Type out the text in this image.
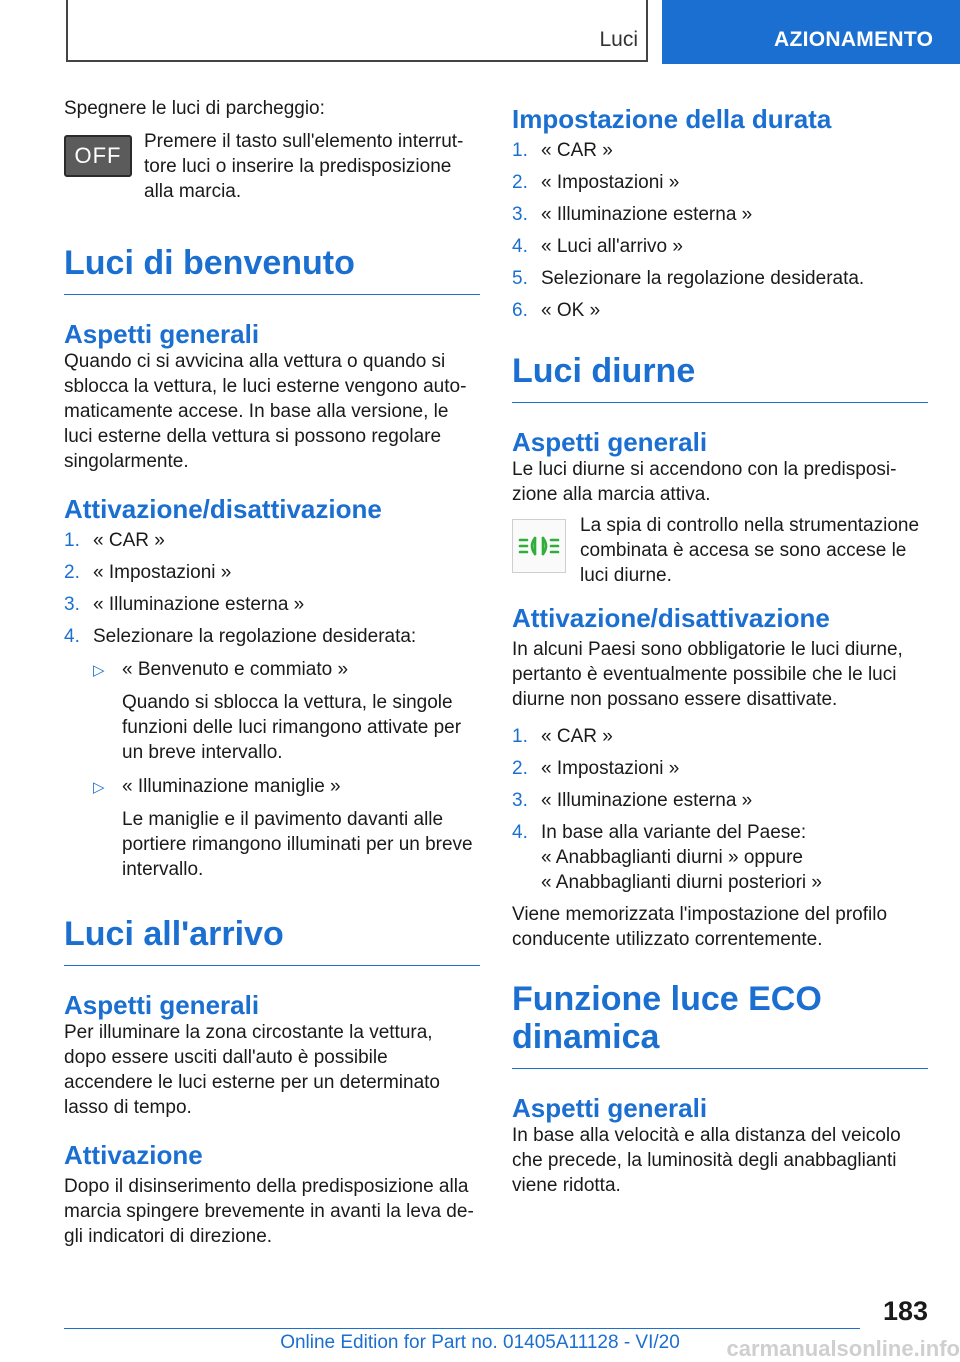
Luci	AZIONAMENTO

Spegnere le luci di parcheggio:

OFF

Premere il tasto sull'elemento interruttore luci o inserire la predisposizione alla marcia.

Luci di benvenuto
Aspetti generali

Quando ci si avvicina alla vettura o quando si sblocca la vettura, le luci esterne vengono automaticamente accese. In base alla versione, le luci esterne della vettura si possono regolare singolarmente.

Attivazione/disattivazione
1. « CAR »
2. « Impostazioni »
3. « Illuminazione esterna »
4. Selezionare la regolazione desiderata:
▷ « Benvenuto e commiato »

Quando si sblocca la vettura, le singole funzioni delle luci rimangono attivate per un breve intervallo.

▷ « Illuminazione maniglie »

Le maniglie e il pavimento davanti alle portiere rimangono illuminati per un breve intervallo.

Luci all'arrivo
Aspetti generali

Per illuminare la zona circostante la vettura, dopo essere usciti dall'auto è possibile accendere le luci esterne per un determinato lasso di tempo.

Attivazione

Dopo il disinserimento della predisposizione alla marcia spingere brevemente in avanti la leva degli indicatori di direzione.

Impostazione della durata
1. « CAR »
2. « Impostazioni »
3. « Illuminazione esterna »
4. « Luci all'arrivo »
5. Selezionare la regolazione desiderata.
6. « OK »
Luci diurne
Aspetti generali

Le luci diurne si accendono con la predisposizione alla marcia attiva.

La spia di controllo nella strumentazione combinata è accesa se sono accese le luci diurne.

Attivazione/disattivazione

In alcuni Paesi sono obbligatorie le luci diurne, pertanto è eventualmente possibile che le luci diurne non possano essere disattivate.

1. « CAR »
2. « Impostazioni »
3. « Illuminazione esterna »
4. In base alla variante del Paese:
« Anabbaglianti diurni » oppure
« Anabbaglianti diurni posteriori »

Viene memorizzata l'impostazione del profilo conducente utilizzato correntemente.

Funzione luce ECO dinamica
Aspetti generali

In base alla velocità e alla distanza del veicolo che precede, la luminosità degli anabbaglianti viene ridotta.

183
Online Edition for Part no. 01405A11128 - VI/20	carmanualsonline.info
